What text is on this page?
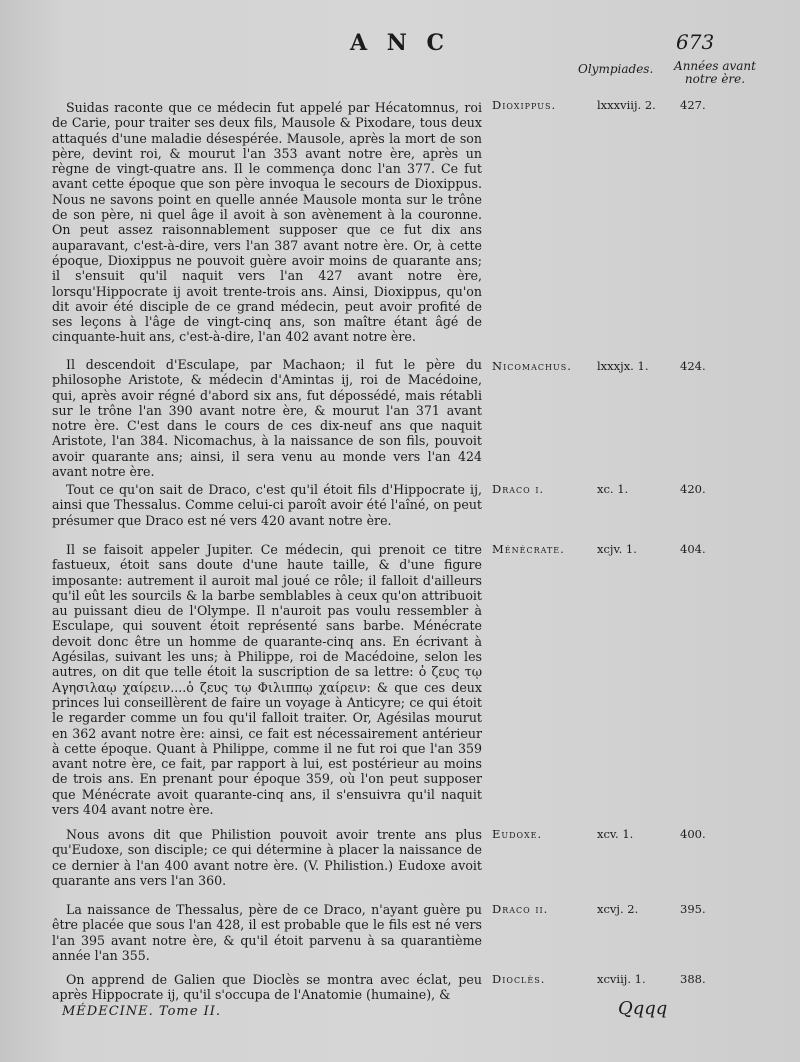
A N C	673
Olympiades.	Années avant notre ère.
Suidas raconte que ce médecin fut appelé par Hécatomnus, roi de Carie, pour traiter ses deux fils, Mausole & Pixodare, tous deux attaqués d'une maladie désespérée. Mausole, après la mort de son père, devint roi, & mourut l'an 353 avant notre ère, après un règne de vingt-quatre ans. Il le commença donc l'an 377. Ce fut avant cette époque que son père invoqua le secours de Dioxippus. Nous ne savons point en quelle année Mausole monta sur le trône de son père, ni quel âge il avoit à son avènement à la couronne. On peut assez raisonnablement supposer que ce fut dix ans auparavant, c'est-à-dire, vers l'an 387 avant notre ère. Or, à cette époque, Dioxippus ne pouvoit guère avoir moins de quarante ans; il s'ensuit qu'il naquit vers l'an 427 avant notre ère, lorsqu'Hippocrate ij avoit trente-trois ans. Ainsi, Dioxippus, qu'on dit avoir été disciple de ce grand médecin, peut avoir profité de ses leçons à l'âge de vingt-cinq ans, son maître étant âgé de cinquante-huit ans, c'est-à-dire, l'an 402 avant notre ère.
Dioxippus.	lxxxviij. 2. 427.
Il descendoit d'Esculape, par Machaon; il fut le père du philosophe Aristote, & médecin d'Amintas ij, roi de Macédoine, qui, après avoir régné d'abord six ans, fut dépossédé, mais rétabli sur le trône l'an 390 avant notre ère, & mourut l'an 371 avant notre ère. C'est dans le cours de ces dix-neuf ans que naquit Aristote, l'an 384. Nicomachus, à la naissance de son fils, pouvoit avoir quarante ans; ainsi, il sera venu au monde vers l'an 424 avant notre ère.
Nicomachus. lxxxjx. 1.	424.
Tout ce qu'on sait de Draco, c'est qu'il étoit fils d'Hippocrate ij, ainsi que Thessalus. Comme celui-ci paroît avoir été l'aîné, on peut présumer que Draco est né vers 420 avant notre ère.
Draco i.	xc. 1.	420.
Il se faisoit appeler Jupiter. Ce médecin, qui prenoit ce titre fastueux, étoit sans doute d'une haute taille, & d'une figure imposante: autrement il auroit mal joué ce rôle; il falloit d'ailleurs qu'il eût les sourcils & la barbe semblables à ceux qu'on attribuoit au puissant dieu de l'Olympe. Il n'auroit pas voulu ressembler à Esculape, qui souvent étoit représenté sans barbe. Ménécrate devoit donc être un homme de quarante-cinq ans. En écrivant à Agésilas, suivant les uns; à Philippe, roi de Macédoine, selon les autres, on dit que telle étoit la suscription de sa lettre: ὁ ζευς τῳ Αγησιλαῳ χαίρειν....ὁ ζευς τῳ Φιλιππῳ χαίρειν: & que ces deux princes lui conseillèrent de faire un voyage à Anticyre; ce qui étoit le regarder comme un fou qu'il falloit traiter. Or, Agésilas mourut en 362 avant notre ère: ainsi, ce fait est nécessairement antérieur à cette époque. Quant à Philippe, comme il ne fut roi que l'an 359 avant notre ère, ce fait, par rapport à lui, est postérieur au moins de trois ans. En prenant pour époque 359, où l'on peut supposer que Ménécrate avoit quarante-cinq ans, il s'ensuivra qu'il naquit vers 404 avant notre ère.
Ménécrate.	xcjv. 1.	404.
Nous avons dit que Philistion pouvoit avoir trente ans plus qu'Eudoxe, son disciple; ce qui détermine à placer la naissance de ce dernier à l'an 400 avant notre ère. (V. Philistion.) Eudoxe avoit quarante ans vers l'an 360.
Eudoxe.	xcv. 1.	400.
La naissance de Thessalus, père de ce Draco, n'ayant guère pu être placée que sous l'an 428, il est probable que le fils est né vers l'an 395 avant notre ère, & qu'il étoit parvenu à sa quarantième année l'an 355.
Draco ii.	xcvj. 2.	395.
On apprend de Galien que Dioclès se montra avec éclat, peu après Hippocrate ij, qu'il s'occupa de l'Anatomie (humaine), &
Dioclès.	xcviij. 1.	388.
MÉDECINE. Tome II.	Qqqq
